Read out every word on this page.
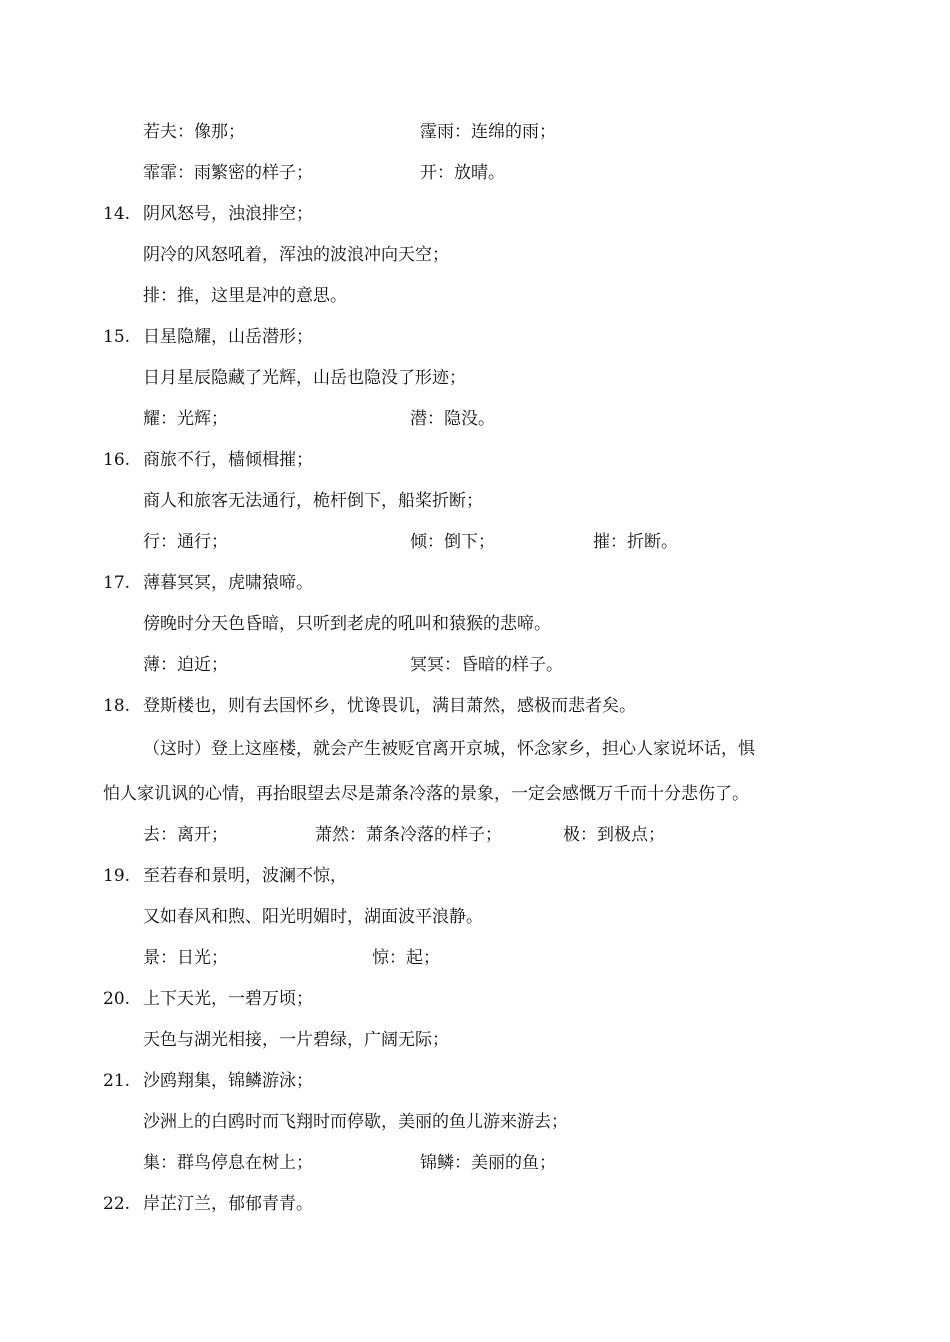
若夫：像那；	霪雨：连绵的雨；
霏霏：雨繁密的样子；	开：放晴。
14. 阴风怒号，浊浪排空；
阴冷的风怒吼着，浑浊的波浪冲向天空；
排：推，这里是冲的意思。
15. 日星隐耀，山岳潜形；
日月星辰隐藏了光辉，山岳也隐没了形迹；
耀：光辉；	潜：隐没。
16. 商旅不行，樯倾楫摧；
商人和旅客无法通行，桅杆倒下，船桨折断；
行：通行；	倾：倒下；	摧：折断。
17. 薄暮冥冥，虎啸猿啼。
傍晚时分天色昏暗，只听到老虎的吼叫和猿猴的悲啼。
薄：迫近；	冥冥：昏暗的样子。
18. 登斯楼也，则有去国怀乡，忧谗畏讥，满目萧然，感极而悲者矣。
（这时）登上这座楼，就会产生被贬官离开京城，怀念家乡，担心人家说坏话，惧
怕人家讥讽的心情，再抬眼望去尽是萧条冷落的景象，一定会感慨万千而十分悲伤了。
去：离开；	萧然：萧条冷落的样子；	极：到极点；
19. 至若春和景明，波澜不惊，
又如春风和煦、阳光明媚时，湖面波平浪静。
景：日光；	惊：起；
20. 上下天光，一碧万顷；
天色与湖光相接，一片碧绿，广阔无际；
21. 沙鸥翔集，锦鳞游泳；
沙洲上的白鸥时而飞翔时而停歇，美丽的鱼儿游来游去；
集：群鸟停息在树上；	锦鳞：美丽的鱼；
22. 岸芷汀兰，郁郁青青。
